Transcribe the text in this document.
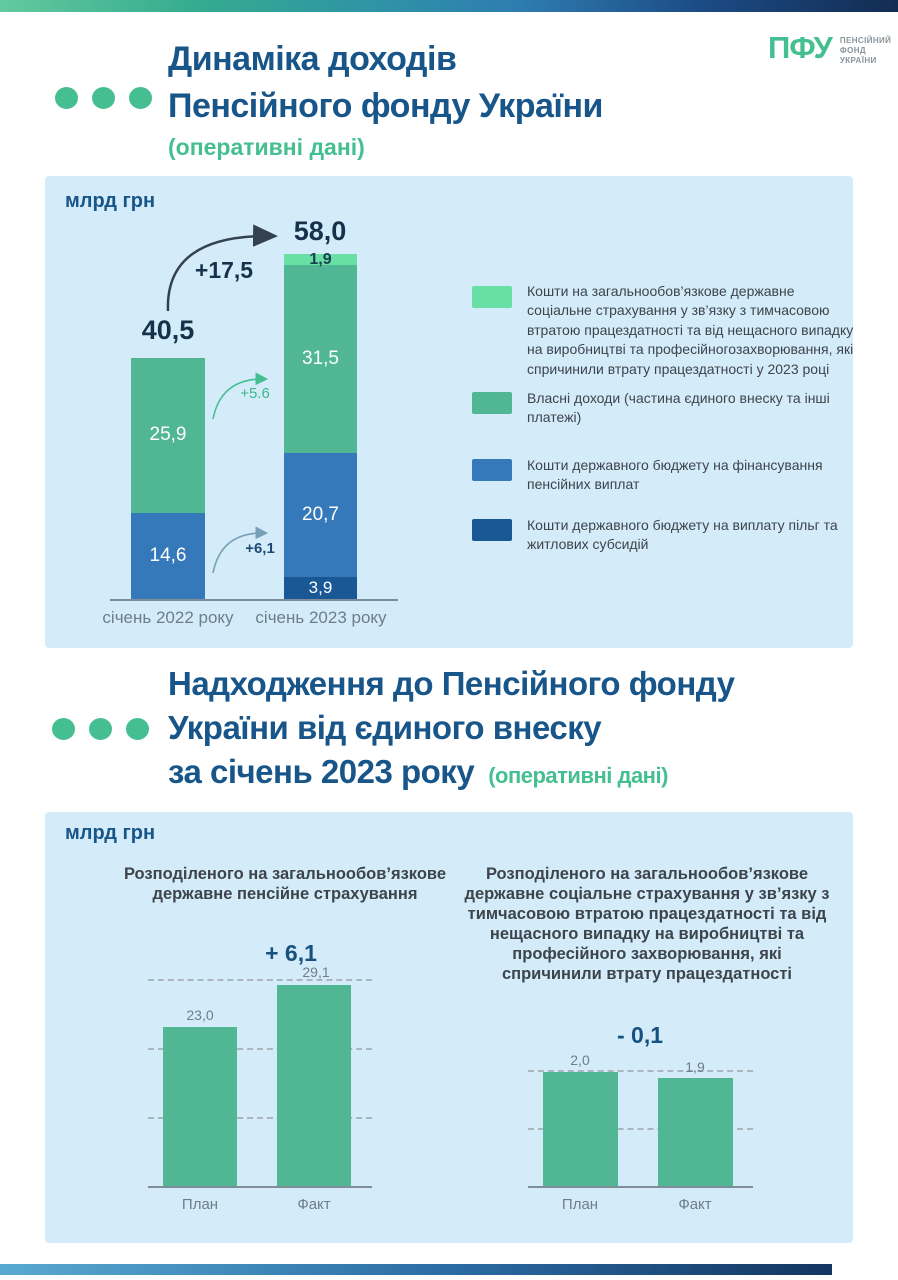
Динаміка доходів
Пенсійного фонду України
(оперативні дані)
ПФУ ПЕНСІЙНИЙ
ФОНД
УКРАЇНИ
млрд грн
40,5
58,0
+17,5
+5.6
+6,1
25,9
14,6
1,9
31,5
20,7
3,9
січень 2022 року	січень 2023 року
Кошти на загальнообов’язкове державне соціальне страхування у зв’язку з тимчасовою втратою працездатності та від нещасного випадку на виробництві та професійногозахворювання, які спричинили втрату працездатності у 2023 році
Власні доходи (частина єдиного внеску та інші платежі)
Кошти державного бюджету на фінансування пенсійних виплат
Кошти державного бюджету на виплату пільг та житлових субсидій
Надходження до Пенсійного фонду
України від єдиного внеску
за січень 2023 року (оперативні дані)
млрд грн
Розподіленого на загальнообов’язкове державне пенсійне страхування
+ 6,1
23,0
29,1
План	Факт
Розподіленого на загальнообов’язкове державне соціальне страхування у зв’язку з тимчасовою втратою працездатності та від нещасного випадку на виробництві та професійного захворювання, які спричинили втрату працездатності
- 0,1
2,0	1,9
План	Факт
